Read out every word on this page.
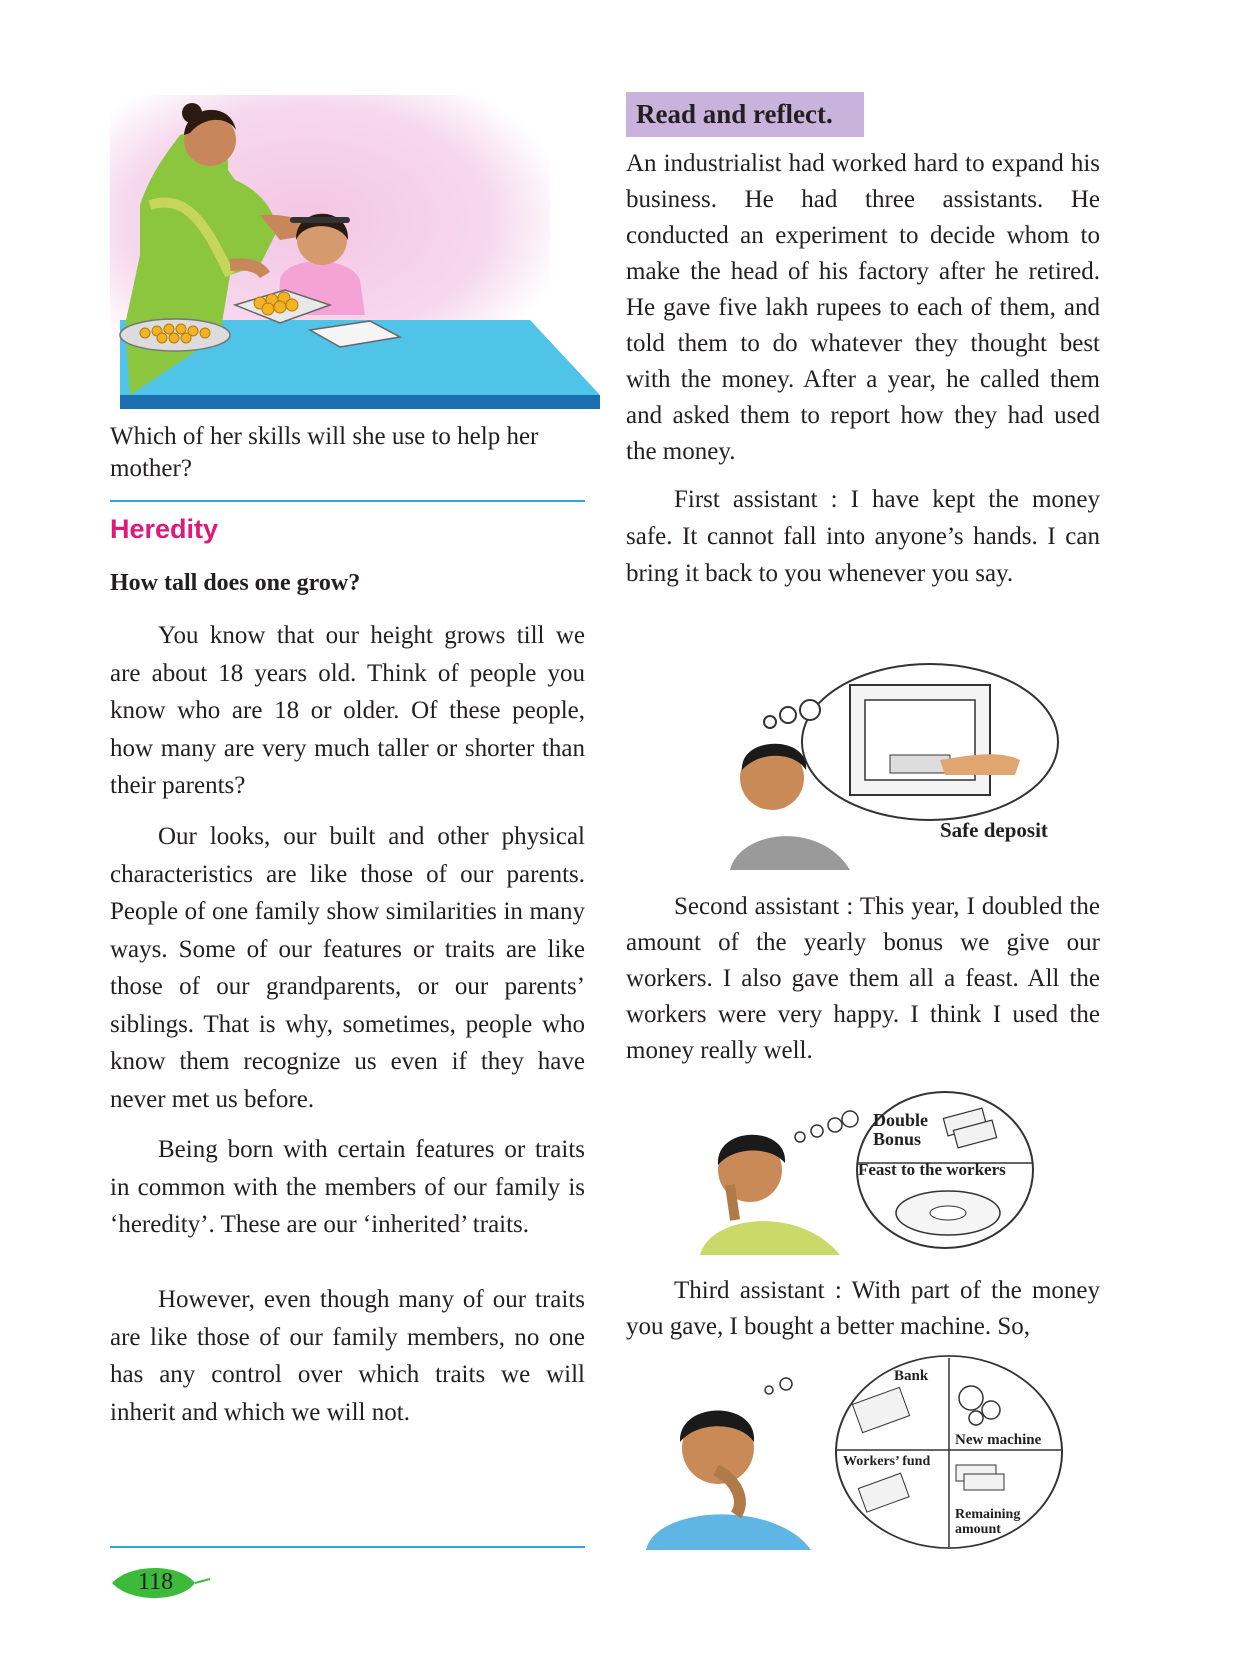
Which of her skills will she use to help her mother?

Heredity
How tall does one grow?

You know that our height grows till we are about 18 years old. Think of people you know who are 18 or older. Of these people, how many are very much taller or shorter than their parents?

Our looks, our built and other physical characteristics are like those of our parents. People of one family show similarities in many ways. Some of our features or traits are like those of our grandparents, or our parents’ siblings. That is why, sometimes, people who know them recognize us even if they have never met us before.

Being born with certain features or traits in common with the members of our family is ‘heredity’. These are our ‘inherited’ traits.

However, even though many of our traits are like those of our family members, no one has any control over which traits we will inherit and which we will not.

118
Read and reflect.

An industrialist had worked hard to expand his business. He had three assistants. He conducted an experiment to decide whom to make the head of his factory after he retired. He gave five lakh rupees to each of them, and told them to do whatever they thought best with the money. After a year, he called them and asked them to report how they had used the money.

First assistant : I have kept the money safe. It cannot fall into anyone’s hands. I can bring it back to you whenever you say.

Safe deposit

Second assistant : This year, I doubled the amount of the yearly bonus we give our workers. I also gave them all a feast. All the workers were very happy. I think I used the money really well.

Double
Bonus
Feast to the workers

Third assistant : With part of the money you gave, I bought a better machine. So,

Bank
New machine
Workers’ fund
Remaining
amount
